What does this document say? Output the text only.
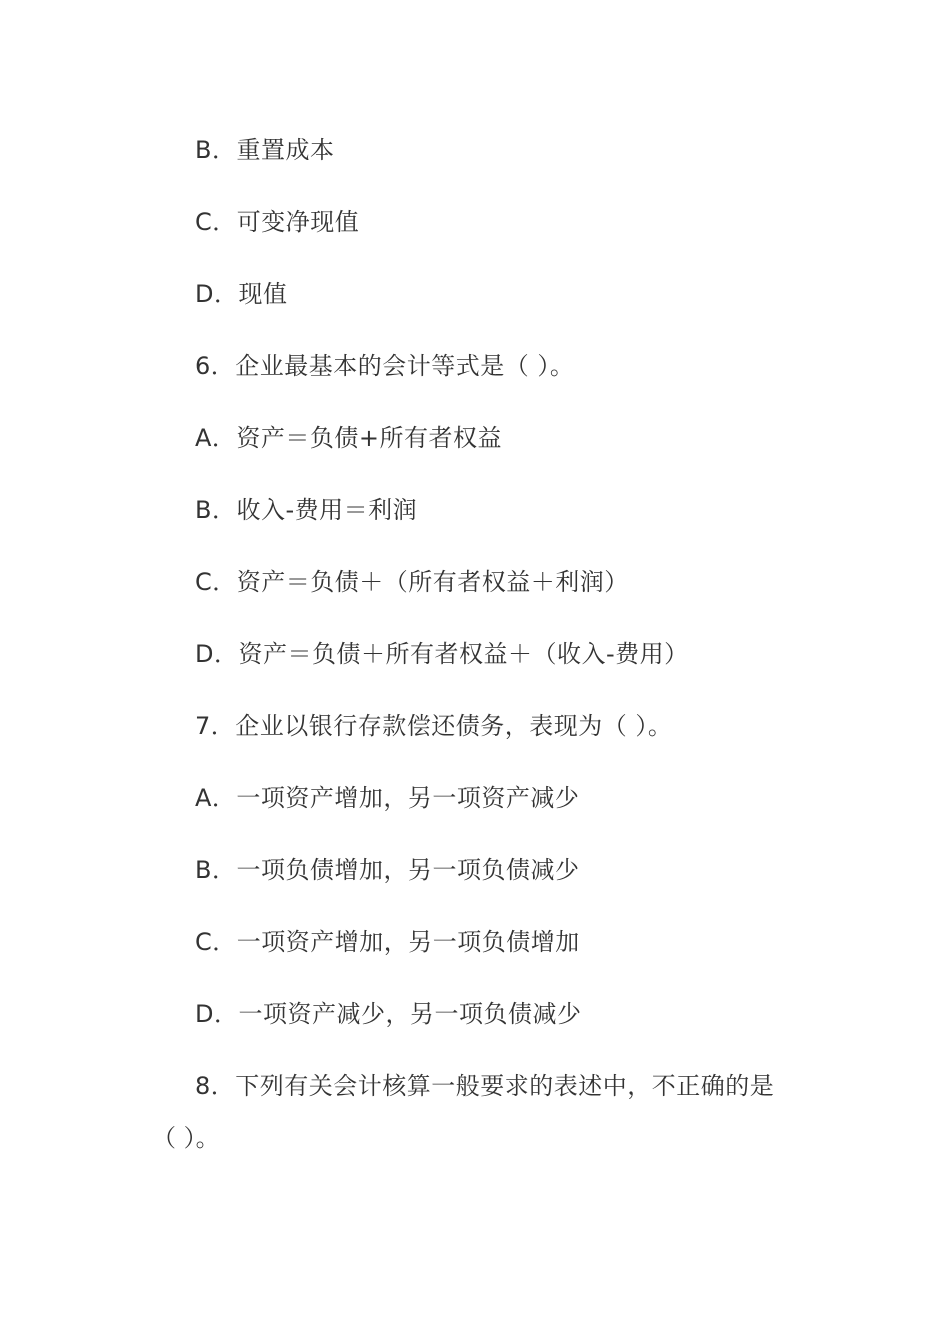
B．重置成本
C．可变净现值
D．现值
6．企业最基本的会计等式是（ ）。
A．资产＝负债+所有者权益
B．收入-费用＝利润
C．资产＝负债＋（所有者权益＋利润）
D．资产＝负债＋所有者权益＋（收入-费用）
7．企业以银行存款偿还债务，表现为（ ）。
A．一项资产增加，另一项资产减少
B．一项负债增加，另一项负债减少
C．一项资产增加，另一项负债增加
D．一项资产减少，另一项负债减少
8．下列有关会计核算一般要求的表述中，不正确的是
（ ）。
